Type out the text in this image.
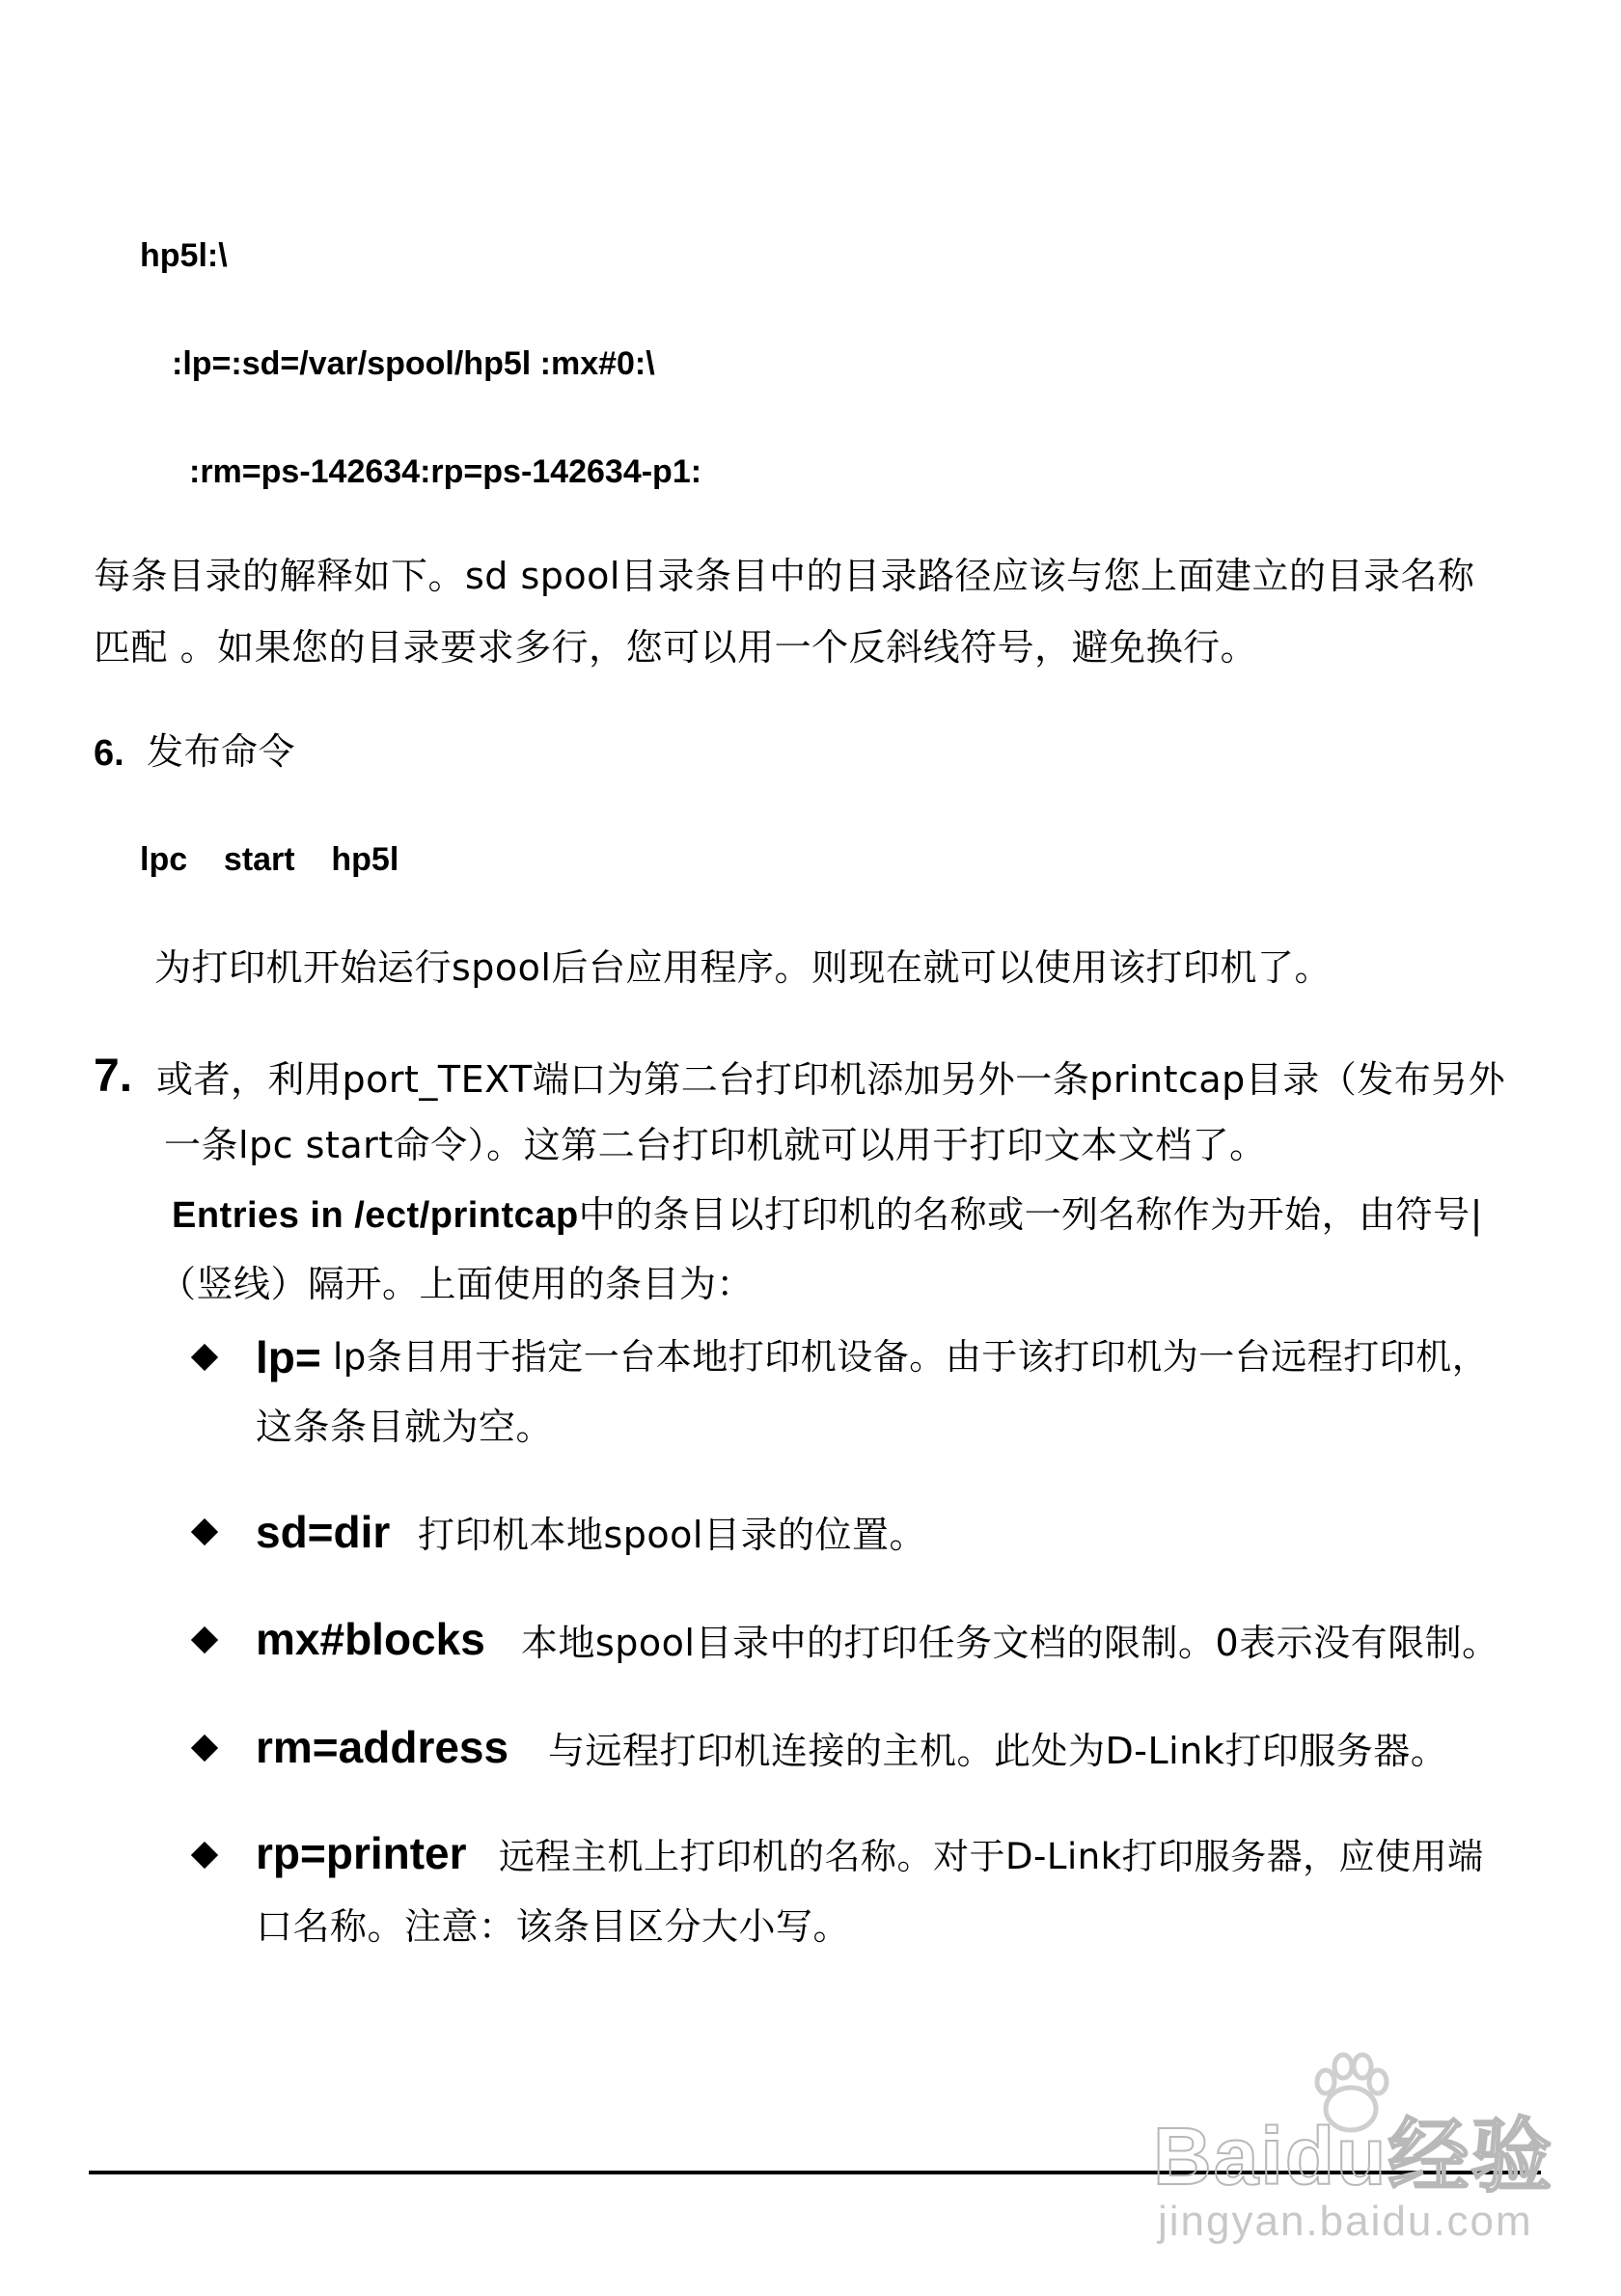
hp5l:\
:lp=:sd=/var/spool/hp5l :mx#0:\
:rm=ps-142634:rp=ps-142634-p1:
每条目录的解释如下。sd spool目录条目中的目录路径应该与您上面建立的目录名称
匹配 。如果您的目录要求多行，您可以用一个反斜线符号，避免换行。
6. 发布命令
lpc    start    hp5l
为打印机开始运行spool后台应用程序。则现在就可以使用该打印机了。
7. 或者，利用port_TEXT端口为第二台打印机添加另外一条printcap目录（发布另外
一条lpc start命令）。这第二台打印机就可以用于打印文本文档了。
Entries in /ect/printcap中的条目以打印机的名称或一列名称作为开始，由符号|
（竖线）隔开。上面使用的条目为：
lp= lp条目用于指定一台本地打印机设备。由于该打印机为一台远程打印机，
这条条目就为空。
sd=dir 打印机本地spool目录的位置。
mx#blocks 本地spool目录中的打印任务文档的限制。0表示没有限制。
rm=address 与远程打印机连接的主机。此处为D-Link打印服务器。
rp=printer 远程主机上打印机的名称。对于D-Link打印服务器，应使用端
口名称。注意：该条目区分大小写。
Baidu经验
jingyan.baidu.com
